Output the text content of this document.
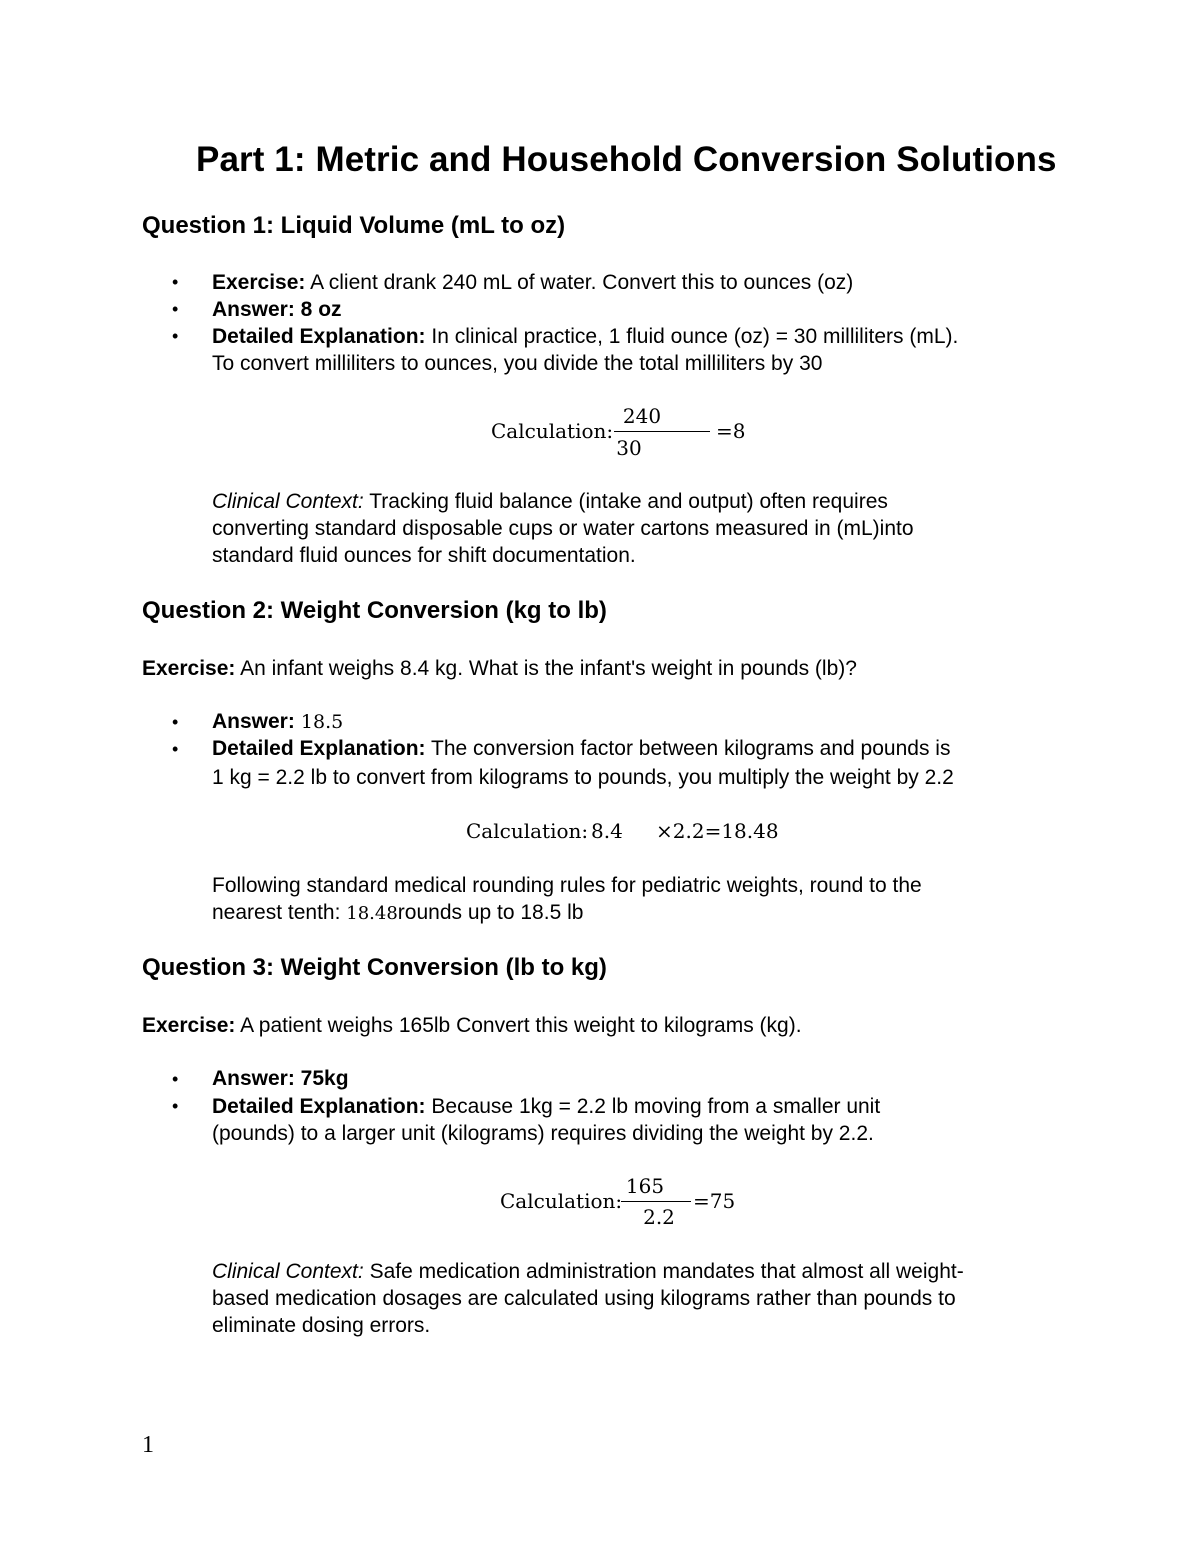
Part 1: Metric and Household Conversion Solutions
Question 1: Liquid Volume (mL to oz)
• Exercise: A client drank 240 mL of water. Convert this to ounces (oz)
• Answer: 8 oz
• Detailed Explanation: In clinical practice, 1 fluid ounce (oz) = 30 milliliters (mL).
To convert milliliters to ounces, you divide the total milliliters by 30
Calculation:
240
30
=8
Clinical Context: Tracking fluid balance (intake and output) often requires
converting standard disposable cups or water cartons measured in (mL)into
standard fluid ounces for shift documentation.
Question 2: Weight Conversion (kg to lb)
Exercise: An infant weighs 8.4 kg. What is the infant's weight in pounds (lb)?
• Answer: 18.5
• Detailed Explanation: The conversion factor between kilograms and pounds is
1 kg = 2.2 lb to convert from kilograms to pounds, you multiply the weight by 2.2
Calculation: 8.4 ×2.2=18.48
Following standard medical rounding rules for pediatric weights, round to the
nearest tenth: 18.48rounds up to 18.5 lb
Question 3: Weight Conversion (lb to kg)
Exercise: A patient weighs 165lb Convert this weight to kilograms (kg).
• Answer: 75kg
• Detailed Explanation: Because 1kg = 2.2 lb moving from a smaller unit
(pounds) to a larger unit (kilograms) requires dividing the weight by 2.2.
Calculation:
165
2.2
=75
Clinical Context: Safe medication administration mandates that almost all weight-
based medication dosages are calculated using kilograms rather than pounds to
eliminate dosing errors.
1
